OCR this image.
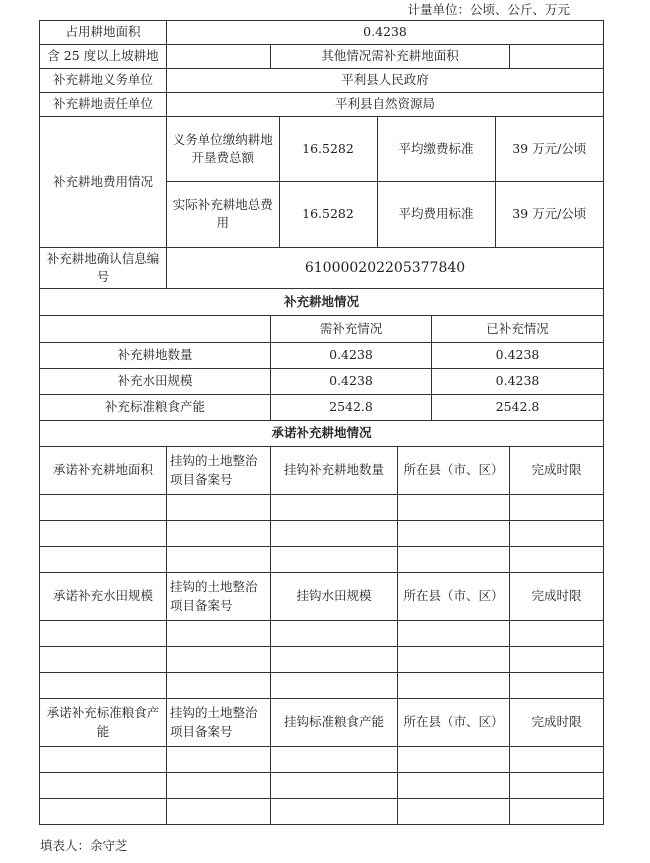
计量单位：公顷、公斤、万元
占用耕地面积	0.4238
含 25 度以上坡耕地		其他情况需补充耕地面积	
补充耕地义务单位	平利县人民政府
补充耕地责任单位	平利县自然资源局
补充耕地费用情况	
义务单位缴纳耕地开垦费总额	16.5282	平均缴费标准	39 万元/公顷
实际补充耕地总费用	16.5282	平均费用标准	39 万元/公顷

补充耕地确认信息编号	610000202205377840
补充耕地情况
	需补充情况	已补充情况
补充耕地数量	0.4238	0.4238
补充水田规模	0.4238	0.4238
补充标准粮食产能	2542.8	2542.8
承诺补充耕地情况
承诺补充耕地面积	挂钩的土地整治项目备案号	挂钩补充耕地数量	所在县（市、区）	完成时限

承诺补充水田规模	挂钩的土地整治项目备案号	挂钩水田规模	所在县（市、区）	完成时限

承诺补充标准粮食产能	挂钩的土地整治项目备案号	挂钩标准粮食产能	所在县（市、区）	完成时限

填表人：余守芝
